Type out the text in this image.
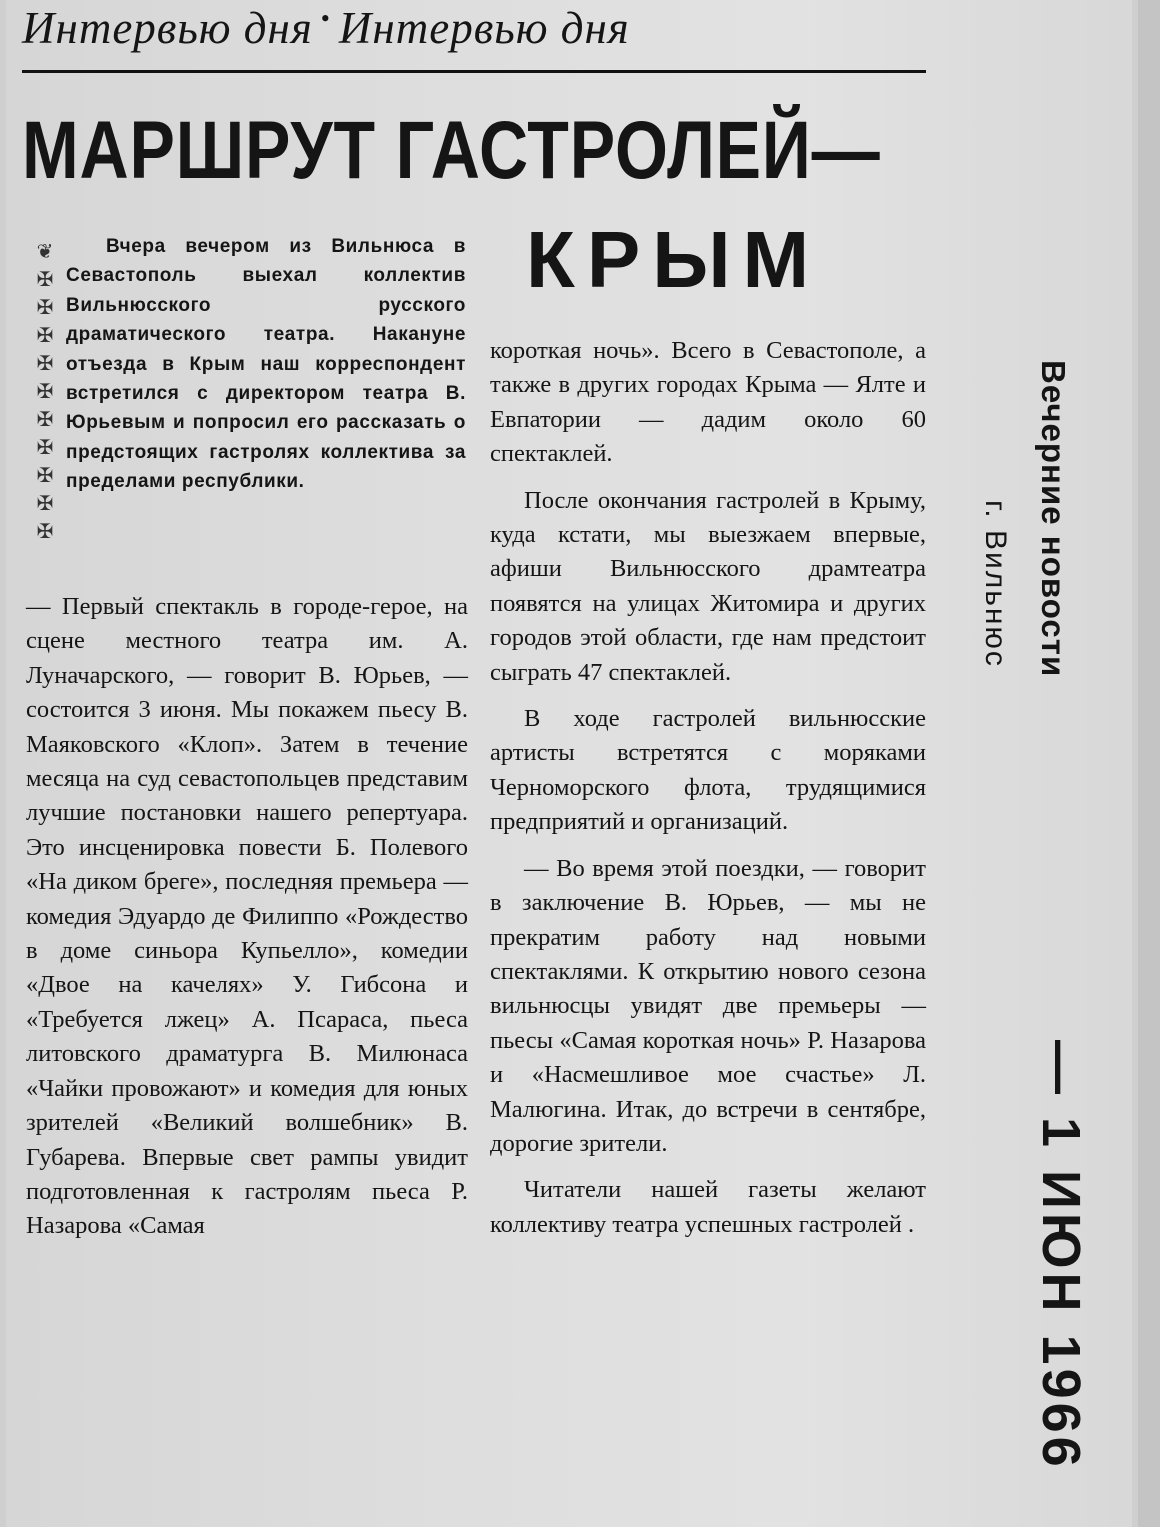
Интервью дня • Интервью дня
МАРШРУТ ГАСТРОЛЕЙ—
КРЫМ
❦
✠
✠
✠
✠
✠
✠
✠
✠
✠
✠

Вчера вечером из Вильнюса в Севастополь выехал коллектив Вильнюсского русского драматического театра. Накануне отъезда в Крым наш корреспондент встретился с директором театра В. Юрьевым и попросил его рассказать о предстоящих гастролях коллектива за пределами республики.

— Первый спектакль в городе-герое, на сцене местного театра им. А. Луначарского, — говорит В. Юрьев, — состоится 3 июня. Мы покажем пьесу В. Маяковского «Клоп». Затем в течение месяца на суд севастопольцев представим лучшие постановки нашего репертуара. Это инсценировка повести Б. Полевого «На диком бреге», последняя премьера — комедия Эдуардо де Филиппо «Рождество в доме синьора Купьелло», комедии «Двое на качелях» У. Гибсона и «Требуется лжец» А. Псараса, пьеса литовского драматурга В. Милюнаса «Чайки провожают» и комедия для юных зрителей «Великий волшебник» В. Губарева. Впервые свет рампы увидит подготовленная к гастролям пьеса Р. Назарова «Самая

короткая ночь». Всего в Севастополе, а также в других городах Крыма — Ялте и Евпатории — дадим около 60 спектаклей.

После окончания гастролей в Крыму, куда кстати, мы выезжаем впервые, афиши Вильнюсского драмтеатра появятся на улицах Житомира и других городов этой области, где нам предстоит сыграть 47 спектаклей.

В ходе гастролей вильнюсские артисты встретятся с моряками Черноморского флота, трудящимися предприятий и организаций.

— Во время этой поездки, — говорит в заключение В. Юрьев, — мы не прекратим работу над новыми спектаклями. К открытию нового сезона вильнюсцы увидят две премьеры — пьесы «Самая короткая ночь» Р. Назарова и «Насмешливое мое счастье» Л. Малюгина. Итак, до встречи в сентябре, дорогие зрители.

Читатели нашей газеты желают коллективу театра успешных гастролей .

Вечерние новости
г. Вильнюс
— 1 ИЮН 1966
